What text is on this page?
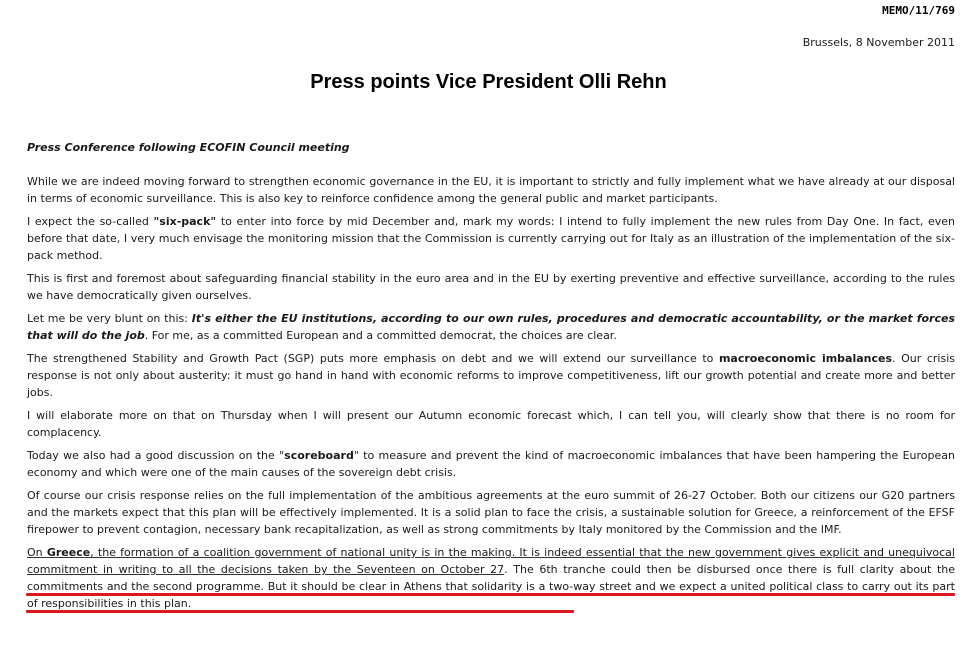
MEMO/11/769
Brussels, 8 November 2011
Press points Vice President Olli Rehn
Press Conference following ECOFIN Council meeting

While we are indeed moving forward to strengthen economic governance in the EU, it is important to strictly and fully implement what we have already at our disposal in terms of economic surveillance. This is also key to reinforce confidence among the general public and market participants.

I expect the so-called "six-pack" to enter into force by mid December and, mark my words: I intend to fully implement the new rules from Day One. In fact, even before that date, I very much envisage the monitoring mission that the Commission is currently carrying out for Italy as an illustration of the implementation of the six-pack method.

This is first and foremost about safeguarding financial stability in the euro area and in the EU by exerting preventive and effective surveillance, according to the rules we have democratically given ourselves.

Let me be very blunt on this: It's either the EU institutions, according to our own rules, procedures and democratic accountability, or the market forces that will do the job. For me, as a committed European and a committed democrat, the choices are clear.

The strengthened Stability and Growth Pact (SGP) puts more emphasis on debt and we will extend our surveillance to macroeconomic imbalances. Our crisis response is not only about austerity: it must go hand in hand with economic reforms to improve competitiveness, lift our growth potential and create more and better jobs.

I will elaborate more on that on Thursday when I will present our Autumn economic forecast which, I can tell you, will clearly show that there is no room for complacency.

Today we also had a good discussion on the "scoreboard" to measure and prevent the kind of macroeconomic imbalances that have been hampering the European economy and which were one of the main causes of the sovereign debt crisis.

Of course our crisis response relies on the full implementation of the ambitious agreements at the euro summit of 26-27 October. Both our citizens our G20 partners and the markets expect that this plan will be effectively implemented. It is a solid plan to face the crisis, a sustainable solution for Greece, a reinforcement of the EFSF firepower to prevent contagion, necessary bank recapitalization, as well as strong commitments by Italy monitored by the Commission and the IMF.

On Greece, the formation of a coalition government of national unity is in the making. It is indeed essential that the new government gives explicit and unequivocal commitment in writing to all the decisions taken by the Seventeen on October 27. The 6th tranche could then be disbursed once there is full clarity about the commitments and the second programme. But it should be clear in Athens that solidarity is a two-way street and we expect a united political class to carry out its part of responsibilities in this plan.
